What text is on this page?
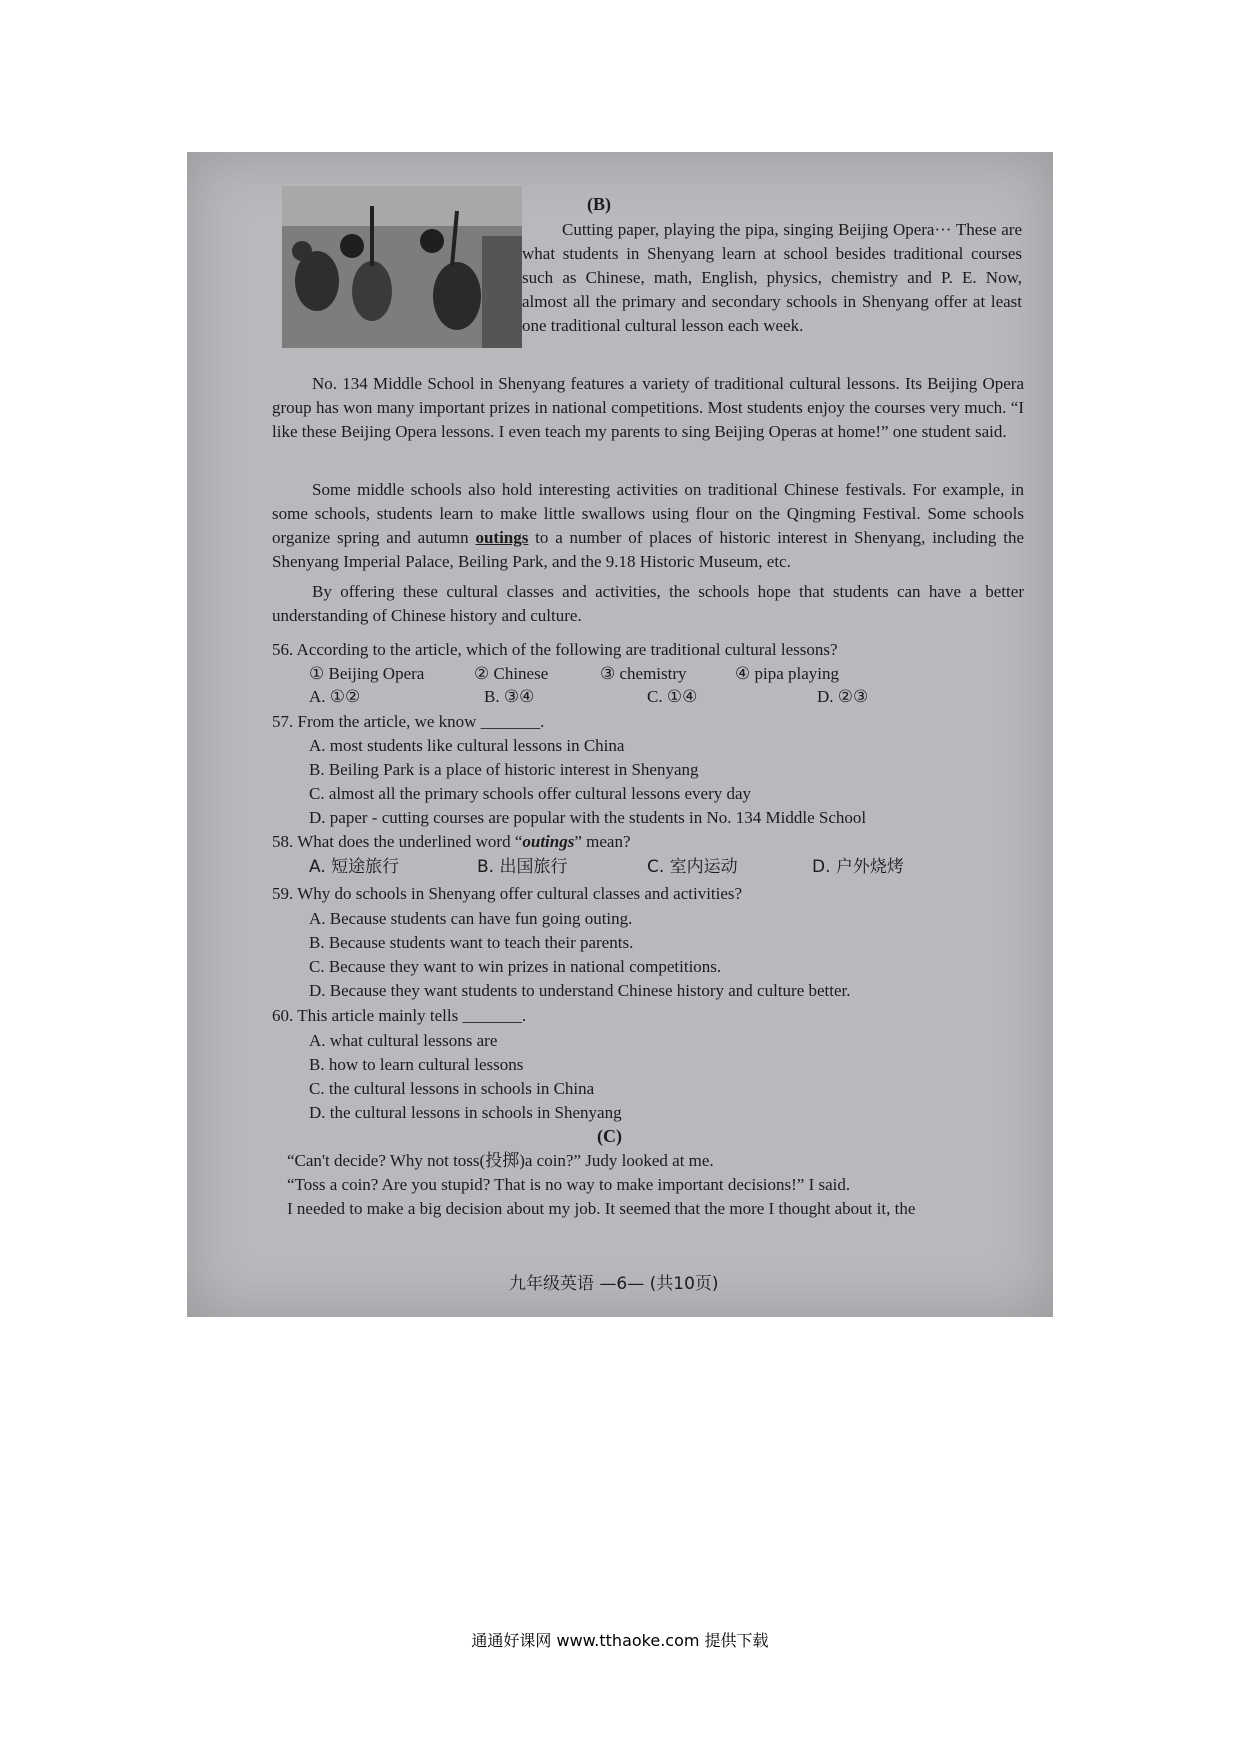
(B)
Cutting paper, playing the pipa, singing Beijing Opera··· These are what students in Shenyang learn at school besides traditional courses such as Chinese, math, English, physics, chemistry and P. E. Now, almost all the primary and secondary schools in Shenyang offer at least one traditional cultural lesson each week.
No. 134 Middle School in Shenyang features a variety of traditional cultural lessons. Its Beijing Opera group has won many important prizes in national competitions. Most students enjoy the courses very much. “I like these Beijing Opera lessons. I even teach my parents to sing Beijing Operas at home!” one student said.
Some middle schools also hold interesting activities on traditional Chinese festivals. For example, in some schools, students learn to make little swallows using flour on the Qingming Festival. Some schools organize spring and autumn outings to a number of places of historic interest in Shenyang, including the Shenyang Imperial Palace, Beiling Park, and the 9.18 Historic Museum, etc.
By offering these cultural classes and activities, the schools hope that students can have a better understanding of Chinese history and culture.
56. According to the article, which of the following are traditional cultural lessons?
① Beijing Opera	② Chinese	③ chemistry	④ pipa playing
A. ①②	B. ③④	C. ①④	D. ②③
57. From the article, we know _______.
A. most students like cultural lessons in China
B. Beiling Park is a place of historic interest in Shenyang
C. almost all the primary schools offer cultural lessons every day
D. paper - cutting courses are popular with the students in No. 134 Middle School
58. What does the underlined word “outings” mean?
A. 短途旅行	B. 出国旅行	C. 室内运动	D. 户外烧烤
59. Why do schools in Shenyang offer cultural classes and activities?
A. Because students can have fun going outing.
B. Because students want to teach their parents.
C. Because they want to win prizes in national competitions.
D. Because they want students to understand Chinese history and culture better.
60. This article mainly tells _______.
A. what cultural lessons are
B. how to learn cultural lessons
C. the cultural lessons in schools in China
D. the cultural lessons in schools in Shenyang
(C)
“Can't decide? Why not toss(投掷)a coin?” Judy looked at me.
“Toss a coin? Are you stupid? That is no way to make important decisions!” I said.
I needed to make a big decision about my job. It seemed that the more I thought about it, the
九年级英语 —6— (共10页)
通通好课网 www.tthaoke.com 提供下载
